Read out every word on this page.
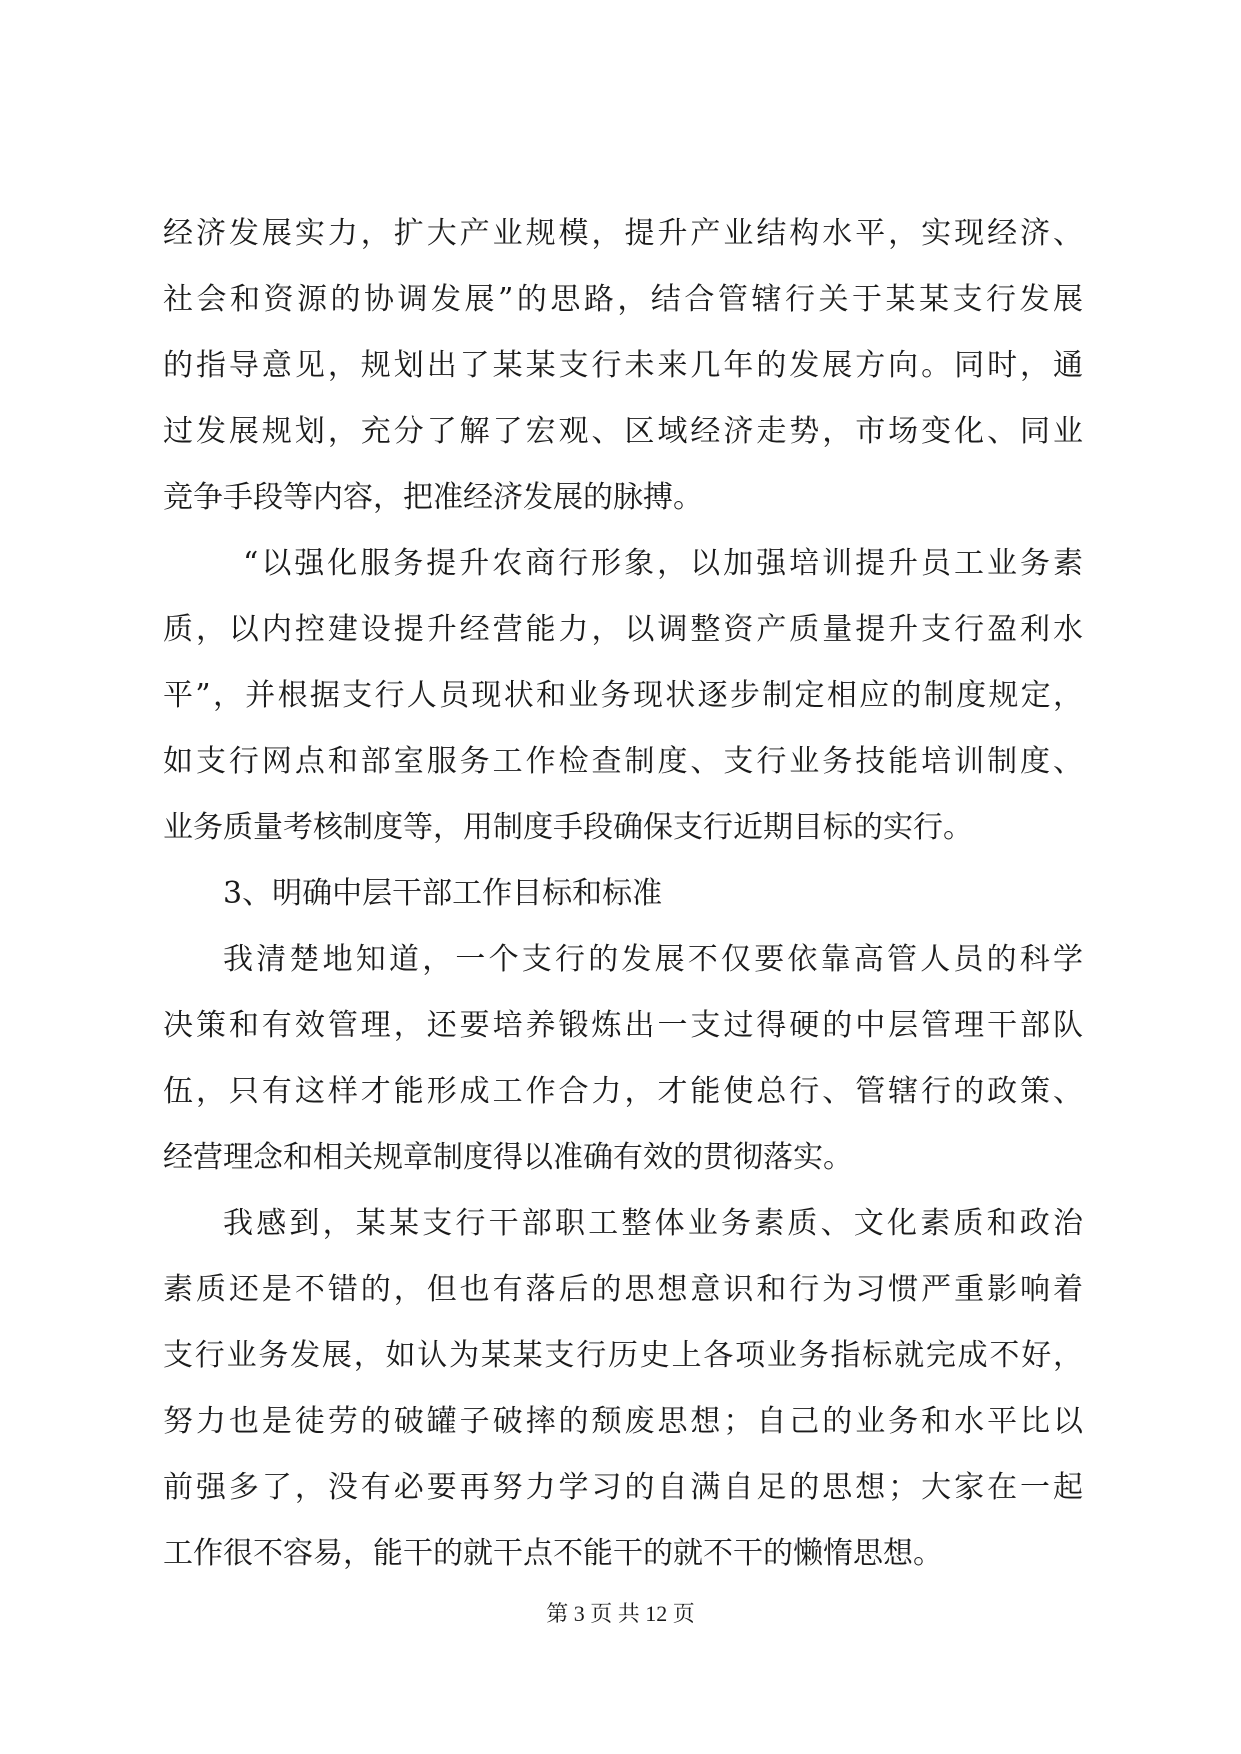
经济发展实力，扩大产业规模，提升产业结构水平，实现经济、
社会和资源的协调发展”的思路，结合管辖行关于某某支行发展
的指导意见，规划出了某某支行未来几年的发展方向。同时，通
过发展规划，充分了解了宏观、区域经济走势，市场变化、同业
竞争手段等内容，把准经济发展的脉搏。
“以强化服务提升农商行形象，以加强培训提升员工业务素
质，以内控建设提升经营能力，以调整资产质量提升支行盈利水
平”，并根据支行人员现状和业务现状逐步制定相应的制度规定，
如支行网点和部室服务工作检查制度、支行业务技能培训制度、
业务质量考核制度等，用制度手段确保支行近期目标的实行。
3、明确中层干部工作目标和标准
我清楚地知道，一个支行的发展不仅要依靠高管人员的科学
决策和有效管理，还要培养锻炼出一支过得硬的中层管理干部队
伍，只有这样才能形成工作合力，才能使总行、管辖行的政策、
经营理念和相关规章制度得以准确有效的贯彻落实。
我感到，某某支行干部职工整体业务素质、文化素质和政治
素质还是不错的，但也有落后的思想意识和行为习惯严重影响着
支行业务发展，如认为某某支行历史上各项业务指标就完成不好，
努力也是徒劳的破罐子破摔的颓废思想；自己的业务和水平比以
前强多了，没有必要再努力学习的自满自足的思想；大家在一起
工作很不容易，能干的就干点不能干的就不干的懒惰思想。
第 3 页 共 12 页
